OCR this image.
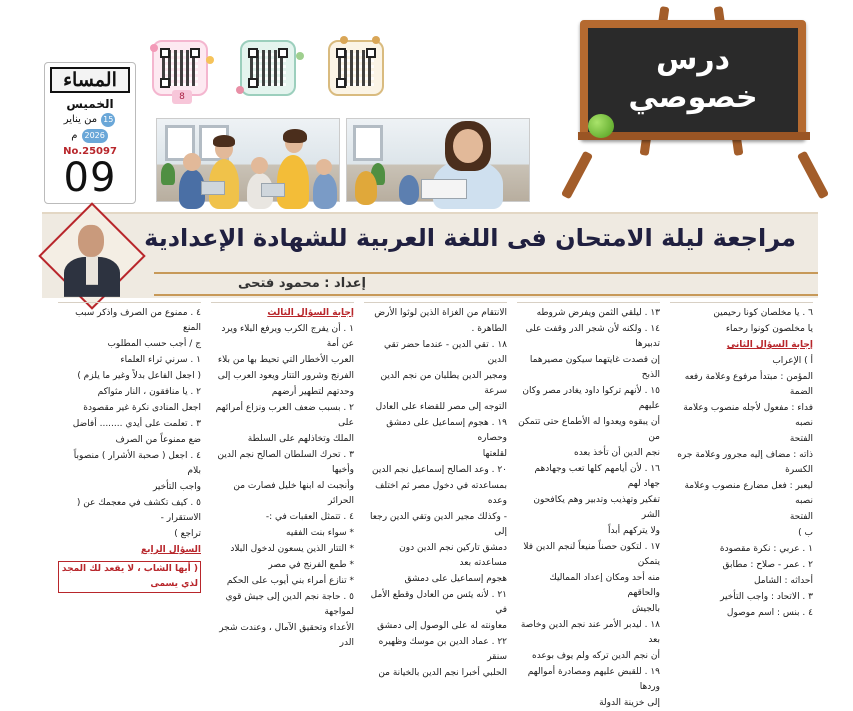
المساء
الخميس
15 من يناير
2026 م
No.25097
09
8
درس
خصوصي
مراجعة ليلة الامتحان فى اللغة العربية للشهادة الإعدادية
إعداد : محمود فتحى

٤ . ممنوع من الصرف واذكر سبب المنع

ج / أجب حسب المطلوب

١ . سرني ثراء العلماء

( اجعل الفاعل بدلاً وغير ما يلزم )

٢ . يا منافقون ، النار مثواكم

اجعل المنادى نكرة غير مقصودة

٣ . تعلمت على أيدي ........ أفاضل

ضع ممنوعاً من الصرف

٤ . اجعل ( صحبة الأشرار ) منصوباً بلام

واجب التأخير

٥ . كيف تكشف في معجمك عن ( الاستقرار -

تراجع )

السؤال الرابع

( أيها الشاب ، لا يقعد لك المجد لذي يسمى

إجابة السؤال الثالث

١ . أن يفرج الكرب ويرفع البلاء ويرد عن أمة

العرب الأخطار التي تحيط بها من بلاء

الفرنج وشرور التتار ويعود العرب إلى

وحدتهم لتطهير أرضهم

٢ . بسبب ضعف العرب ونزاع أمرائهم على

الملك وتخاذلهم على السلطة

٣ . تحرك السلطان الصالح نجم الدين وأخيها

وأنجبت له ابنها خليل فصارت من الحرائر

٤ . تتمثل العقبات في :-

* سواء بنت الفقيه

* التتار الذين يسعون لدخول البلاد

* طمع الفرنج في مصر

* تنازع أمراء بني أيوب على الحكم

٥ . حاجة نجم الدين إلى جيش قوي لمواجهة

الأعداء وتحقيق الآمال ، وعندت شجر الدر

الانتقام من الغزاة الذين لوثوا الأرض

الطاهرة .

١٨ . تقي الدين - عندما حضر تقي الدين

ومجير الدين يطلبان من نجم الدين سرعة

التوجه إلى مصر للقضاء على العادل

١٩ . هجوم إسماعيل على دمشق وحصاره

لقلعتها

٢٠ . وعد الصالح إسماعيل نجم الدين

بمساعدته في دخول مصر ثم اختلف وعده

- وكذلك مجير الدين وتقي الدين رجعا إلى

دمشق تاركين نجم الدين دون مساعدته بعد

هجوم إسماعيل على دمشق

٢١ . لأنه يئس من العادل وقطع الأمل في

معاونته له على الوصول إلى دمشق

٢٢ . عماد الدين بن موسك وظهيره سنقر

الحلبي أخبرا نجم الدين بالخيانة من

١٣ . ليلقي الثمن ويفرض شروطه

١٤ . ولكنه لأن شجر الدر وقفت على تدبيرها

إن قصدت غايتهما سيكون مصيرهما الذبح

١٥ . لأنهم تركوا داود يغادر مصر وكان عليهم

أن يبقوه ويعدوا له الأطماع حتى تتمكن من

نجم الدين أن تأخذ بعده

١٦ . لأن أيامهم كلها تعب وجهادهم جهاد لهم

تفكير وتهذيب وتدبير وهم يكافحون الشر

ولا يتركهم أبداً

١٧ . لتكون حصناً منيعاً لنجم الدين فلا يتمكن

منه أحد ومكان إعداد المماليك والحاقهم

بالجيش

١٨ . ليدبر الأمر عند نجم الدين وخاصة بعد

أن نجم الدين تركه ولم يوف بوعده

١٩ . للقبض عليهم ومصادرة أموالهم وردها

إلى خزينة الدولة

٦ . يا مخلصان كونا رحيمين

يا مخلصون كونوا رحماء

إجابة السؤال الثاني

أ ) الإعراب

المؤمن : مبتدأ مرفوع وعلامة رفعه الضمة

فداء : مفعول لأجله منصوب وعلامة نصبه

الفتحة

ذاته : مضاف إليه مجرور وعلامة جره الكسرة

ليعبر : فعل مضارع منصوب وعلامة نصبه

الفتحة

ب )

١ . عربي : نكرة مقصودة

٢ . عمر - صلاح : مطابق

أحداثه : الشامل

٣ . الاتحاد : واجب التأخير

٤ . بنس : اسم موصول
